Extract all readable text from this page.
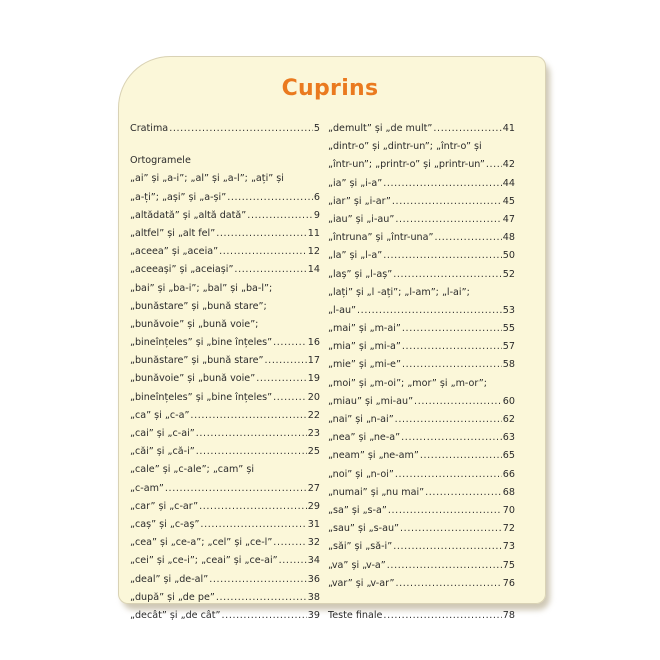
Cuprins
Cratima .....	5
Ortogramele
„ai” și „a-i”; „al” și „a-l”; „ați” și
„a-ți”; „ași” și „a-și” .....	6
„altădată” și „altă dată” .....	9
„altfel” și „alt fel” .....	11
„aceea” și „aceia” .....	12
„aceeași” și „aceiași” .....	14
„bai” și „ba-i”; „bal” și „ba-l”;
„bunăstare” și „bună stare”;
„bunăvoie” și „bună voie”;
„bineînțeles” și „bine înțeles” .....	16
„bunăstare” și „bună stare” .....	17
„bunăvoie” și „bună voie” .....	19
„bineînțeles” și „bine înțeles” .....	20
„ca” și „c-a” .....	22
„cai” și „c-ai” .....	23
„căi” și „că-i” .....	25
„cale” și „c-ale”; „cam” și
„c-am” .....	27
„car” și „c-ar” .....	29
„caș” și „c-aș” .....	31
„cea” și „ce-a”; „cel” și „ce-l” .....	32
„cei” și „ce-i”; „ceai” și „ce-ai” .....	34
„deal” și „de-al” .....	36
„după” și „de pe” .....	38
„decât” și „de cât” .....	39
„demult” și „de mult” .....	41
„dintr-o” și „dintr-un”; „într-o” și
„într-un”; „printr-o” și „printr-un” ..... 42
„ia” și „i-a” .....	44
„iar” și „i-ar” .....	45
„iau” și „i-au” .....	47
„întruna” și „într-una” .....	48
„la” și „l-a” .....	50
„laș” și „l-aș” .....	52
„lați” și „l -ați”; „l-am”; „l-ai”;
„l-au” .....	53
„mai” și „m-ai” .....	55
„mia” și „mi-a” .....	57
„mie” și „mi-e” .....	58
„moi” și „m-oi”; „mor” și „m-or”;
„miau” și „mi-au” .....	60
„nai” și „n-ai” .....	62
„nea” și „ne-a” .....	63
„neam” și „ne-am” .....	65
„noi” și „n-oi” .....	66
„numai” și „nu mai” .....	68
„sa” și „s-a” .....	70
„sau” și „s-au” .....	72
„săi” și „să-i” .....	73
„va” și „v-a” .....	75
„var” și „v-ar” .....	76
Teste finale .....	78
